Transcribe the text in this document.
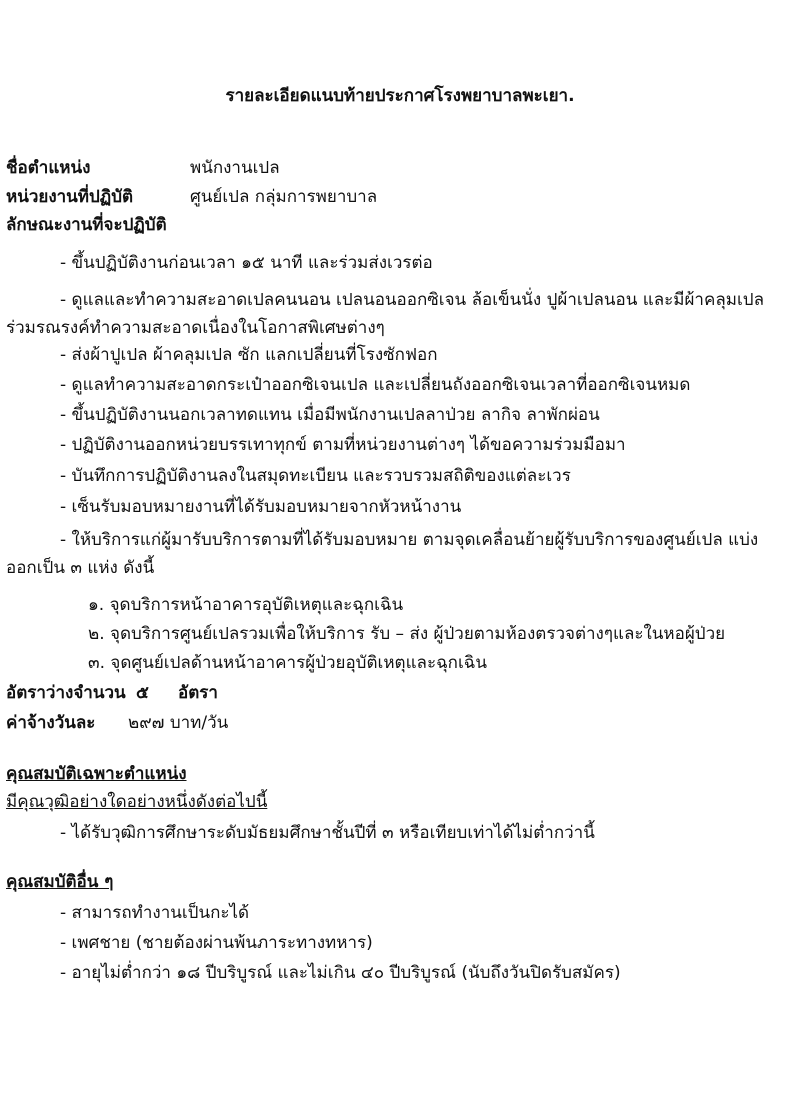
รายละเอียดแนบท้ายประกาศโรงพยาบาลพะเยา.
ชื่อตำแหน่ง	พนักงานเปล
หน่วยงานที่ปฏิบัติ	ศูนย์เปล กลุ่มการพยาบาล
ลักษณะงานที่จะปฏิบัติ
- ขึ้นปฏิบัติงานก่อนเวลา ๑๕ นาที และร่วมส่งเวรต่อ
- ดูแลและทำความสะอาดเปลคนนอน เปลนอนออกซิเจน ล้อเข็นนั่ง ปูผ้าเปลนอน และมีผ้าคลุมเปล ร่วมรณรงค์ทำความสะอาดเนื่องในโอกาสพิเศษต่างๆ
- ส่งผ้าปูเปล ผ้าคลุมเปล ซัก แลกเปลี่ยนที่โรงซักฟอก
- ดูแลทำความสะอาดกระเป๋าออกซิเจนเปล และเปลี่ยนถังออกซิเจนเวลาที่ออกซิเจนหมด
- ขึ้นปฏิบัติงานนอกเวลาทดแทน เมื่อมีพนักงานเปลลาป่วย ลากิจ ลาพักผ่อน
- ปฏิบัติงานออกหน่วยบรรเทาทุกข์ ตามที่หน่วยงานต่างๆ ได้ขอความร่วมมือมา
- บันทึกการปฏิบัติงานลงในสมุดทะเบียน และรวบรวมสถิติของแต่ละเวร
- เซ็นรับมอบหมายงานที่ได้รับมอบหมายจากหัวหน้างาน
- ให้บริการแก่ผู้มารับบริการตามที่ได้รับมอบหมาย ตามจุดเคลื่อนย้ายผู้รับบริการของศูนย์เปล แบ่งออกเป็น ๓ แห่ง ดังนี้
๑. จุดบริการหน้าอาคารอุบัติเหตุและฉุกเฉิน
๒. จุดบริการศูนย์เปลรวมเพื่อให้บริการ รับ – ส่ง ผู้ป่วยตามห้องตรวจต่างๆและในหอผู้ป่วย
๓. จุดศูนย์เปลด้านหน้าอาคารผู้ป่วยอุบัติเหตุและฉุกเฉิน
อัตราว่างจำนวน ๕ อัตรา
ค่าจ้างวันละ ๒๙๗ บาท/วัน
คุณสมบัติเฉพาะตำแหน่ง
มีคุณวุฒิอย่างใดอย่างหนึ่งดังต่อไปนี้
- ได้รับวุฒิการศึกษาระดับมัธยมศึกษาชั้นปีที่ ๓ หรือเทียบเท่าได้ไม่ต่ำกว่านี้
คุณสมบัติอื่น ๆ
- สามารถทำงานเป็นกะได้
- เพศชาย (ชายต้องผ่านพ้นภาระทางทหาร)
- อายุไม่ต่ำกว่า ๑๘ ปีบริบูรณ์ และไม่เกิน ๔๐ ปีบริบูรณ์ (นับถึงวันปิดรับสมัคร)
